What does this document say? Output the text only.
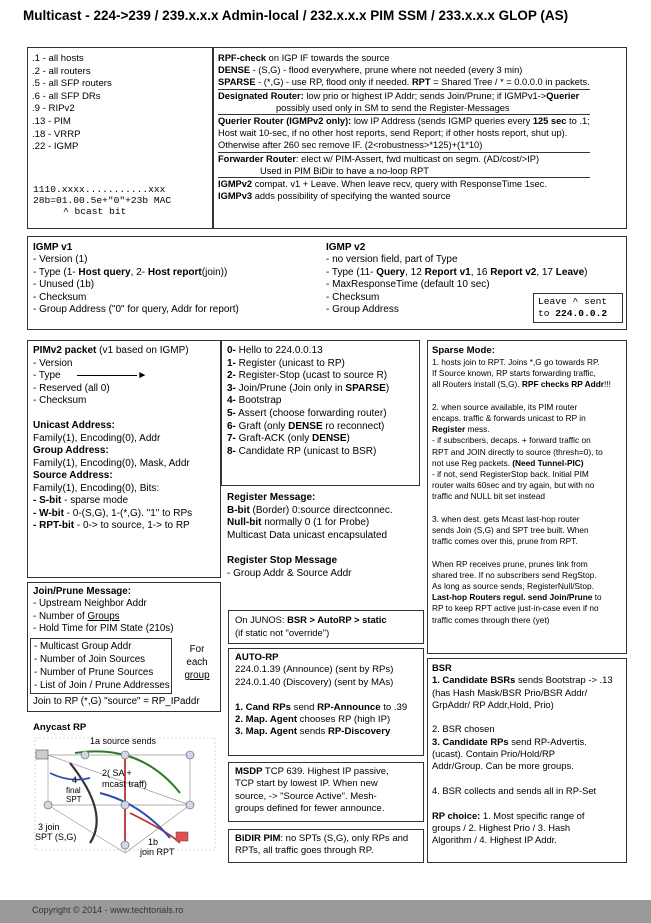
Multicast - 224->239 / 239.x.x.x Admin-local / 232.x.x.x PIM SSM / 233.x.x.x GLOP (AS)
.1 - all hosts
.2 - all routers
.5 - all SFP routers
.6 - all SFP DRs
.9 - RIPv2
.13 - PIM
.18 - VRRP
.22 - IGMP
1110.xxxx...........xxx
28b=01.00.5e+"0"+23b MAC
^ bcast bit
RPF-check on IGP IF towards the source
DENSE - (S,G) - flood everywhere, prune where not needed (every 3 min)
SPARSE - (*,G) - use RP, flood only if needed. RPT = Shared Tree / * = 0.0.0.0 in packets.
Designated Router: low prio or highest IP Addr; sends Join/Prune; if IGMPv1->Querier
possibly used only in SM to send the Register-Messages
Querier Router (IGMPv2 only): low IP Address (sends IGMP queries every 125 sec to .1;
Host wait 10-sec, if no other host reports, send Report; if other hosts report, shut up).
Otherwise after 260 sec remove IF. (2<robustness>*125)+(1*10)
Forwarder Router: elect w/ PIM-Assert, fwd multicast on segm. (AD/cost/>IP)
Used in PIM BiDir to have a no-loop RPT
IGMPv2 compat. v1 + Leave. When leave recv, query with ResponseTime 1sec.
IGMPv3 adds possibility of specifying the wanted source
IGMP v1
- Version (1)
- Type (1- Host query, 2- Host report(join))
- Unused (1b)
- Checksum
- Group Address ("0" for query, Addr for report)
IGMP v2
- no version field, part of Type
- Type (11- Query, 12 Report v1, 16 Report v2, 17 Leave)
- MaxResponseTime (default 10 sec)
- Checksum
- Group Address
Leave ^ sent
to 224.0.0.2
PIMv2 packet (v1 based on IGMP)
- Version
- Type	►
- Reserved (all 0)
- Checksum

Unicast Address:
Family(1), Encoding(0), Addr
Group Address:
Family(1), Encoding(0), Mask, Addr
Source Address:
Family(1), Encoding(0), Bits:
- S-bit - sparse mode
- W-bit - 0-(S,G), 1-(*,G). "1" to RPs
- RPT-bit - 0-> to source, 1-> to RP
0- Hello to 224.0.0.13
1- Register (unicast to RP)
2- Register-Stop (ucast to source R)
3- Join/Prune (Join only in SPARSE)
4- Bootstrap
5- Assert (choose forwarding router)
6- Graft (only DENSE ro reconnect)
7- Graft-ACK (only DENSE)
8- Candidate RP (unicast to BSR)
Register Message:
B-bit (Border) 0:source directconnec.
Null-bit normally 0 (1 for Probe)
Multicast Data unicast encapsulated

Register Stop Message
- Group Addr & Source Addr
On JUNOS: BSR > AutoRP > static
(if static not "override")
AUTO-RP
224.0.1.39 (Announce) (sent by RPs)
224.0.1.40 (Discovery) (sent by MAs)

1. Cand RPs send RP-Announce to .39
2. Map. Agent chooses RP (high IP)
3. Map. Agent sends RP-Discovery
MSDP TCP 639. Highest IP passive,
TCP start by lowest IP. When new
source, -> "Source Active". Mesh-
groups defined for fewer announce.
BiDIR PIM: no SPTs (S,G), only RPs and
RPTs, all traffic goes through RP.
Join/Prune Message:
- Upstream Neighbor Addr
- Number of Groups
- Hold Time for PIM State (210s)
- Multicast Group Addr
- Number of Join Sources
- Number of Prune Sources
- List of Join / Prune Addresses
For
each
group
Join to RP (*,G) "source" = RP_IPaddr
Anycast RP
1a source sends
2( SA +
mcast traff)
4
final
SPT
3 join
SPT (S,G)	1b
join RPT
Sparse Mode:
1. hosts join to RPT. Joins *,G go towards RP.
If Source known, RP starts forwarding traffic,
all Routers install (S,G). RPF checks RP Addr!!!

2. when source available, its PIM router
encaps. traffic & forwards unicast to RP in
Register mess.
- if subscribers, decaps. + forward traffic on
RPT and JOIN directly to source (thresh=0), to
not use Reg packets. (Need Tunnel-PIC)
- if not, send RegisterStop back. Initial PIM
router waits 60sec and try again, but with no
traffic and NULL bit set instead

3. when dest. gets Mcast last-hop router
sends Join (S,G) and SPT tree built. When
traffic comes over this, prune from RPT.

When RP receives prune, prunes link from
shared tree. If no subscribers send RegStop.
As long as source sends, RegisterNull/Stop.
Last-hop Routers regul. send Join/Prune to
RP to keep RPT active just-in-case even if no
traffic comes through there (yet)
BSR
1. Candidate BSRs sends Bootstrap -> .13
(has Hash Mask/BSR Prio/BSR Addr/
GrpAddr/ RP Addr,Hold, Prio)

2. BSR chosen
3. Candidate RPs send RP-Advertis.
(ucast). Contain Prio/Hold/RP
Addr/Group. Can be more groups.

4. BSR collects and sends all in RP-Set

RP choice: 1. Most specific range of
groups / 2. Highest Prio / 3. Hash
Algorithm / 4. Highest IP Addr.
Copyright © 2014 - www.techtorials.ro
